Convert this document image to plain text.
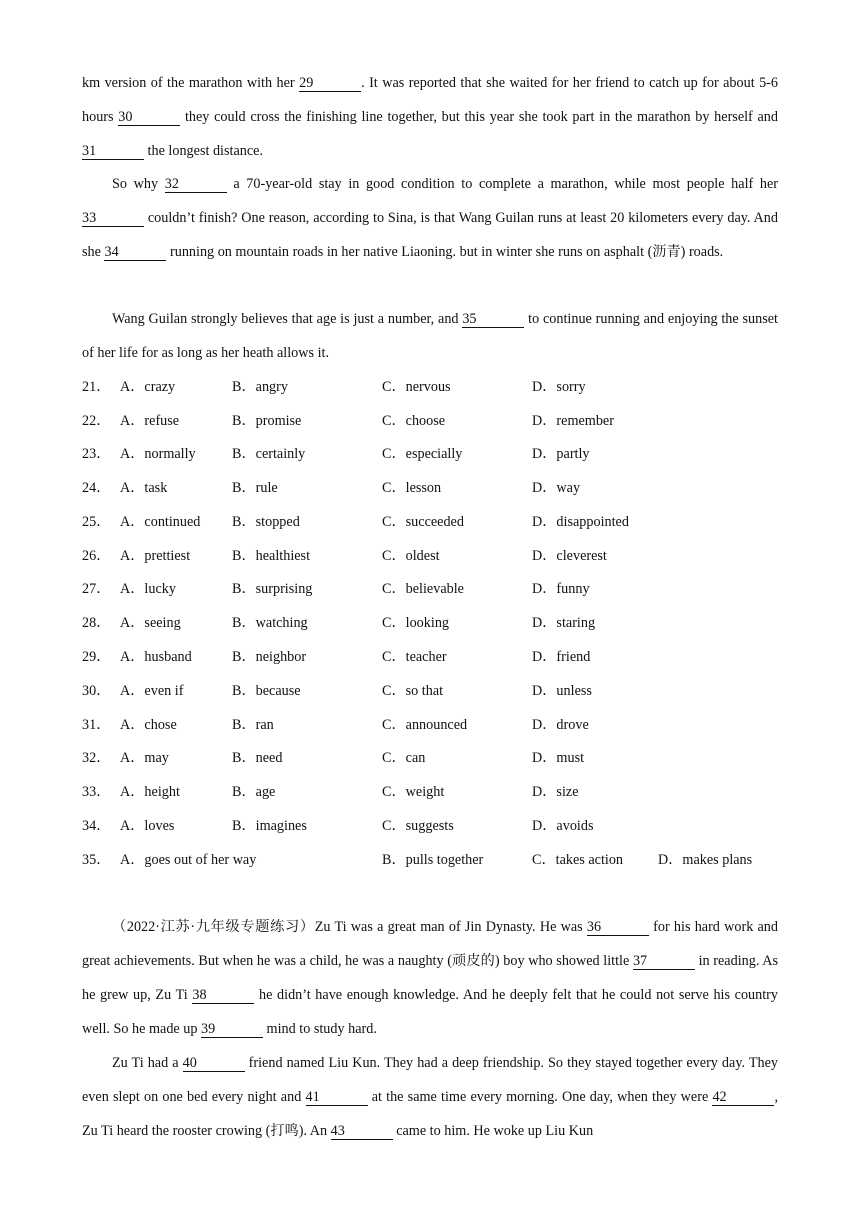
km version of the marathon with her 29	. It was reported that she waited for her friend to catch up for about 5-6 hours 30	they could cross the finishing line together, but this year she took part in the marathon by herself and 31	the longest distance.
So why 32	a 70-year-old stay in good condition to complete a marathon, while most people half her 33	couldn’t finish? One reason, according to Sina, is that Wang Guilan runs at least 20 kilometers every day. And she 34	running on mountain roads in her native Liaoning. but in winter she runs on asphalt (沥青) roads.
Wang Guilan strongly believes that age is just a number, and 35	to continue running and enjoying the sunset of her life for as long as her heath allows it.
21． A．crazy	B．angry	C．nervous	D．sorry
22． A．refuse	B．promise	C．choose	D．remember
23． A．normally	B．certainly	C．especially	D．partly
24． A．task	B．rule	C．lesson	D．way
25． A．continued B．stopped	C．succeeded	D．disappointed
26． A．prettiest	B．healthiest	C．oldest	D．cleverest
27． A．lucky	B．surprising	C．believable	D．funny
28． A．seeing	B．watching	C．looking	D．staring
29． A．husband	B．neighbor	C．teacher	D．friend
30． A．even if	B．because	C．so that	D．unless
31． A．chose	B．ran	C．announced	D．drove
32． A．may	B．need	C．can	D．must
33． A．height	B．age	C．weight	D．size
34． A．loves	B．imagines	C．suggests	D．avoids
35． A．goes out of her way	B．pulls together	C．takes action D．makes plans
（2022·江苏·九年级专题练习）Zu Ti was a great man of Jin Dynasty. He was 36	for his hard work and great achievements. But when he was a child, he was a naughty (顽皮的) boy who showed little 37	in reading. As he grew up, Zu Ti 38	he didn’t have enough knowledge. And he deeply felt that he could not serve his country well. So he made up 39	mind to study hard.
Zu Ti had a 40	friend named Liu Kun. They had a deep friendship. So they stayed together every day. They even slept on one bed every night and 41	at the same time every morning. One day, when they were 42	, Zu Ti heard the rooster crowing (打鸣). An 43	came to him. He woke up Liu Kun
